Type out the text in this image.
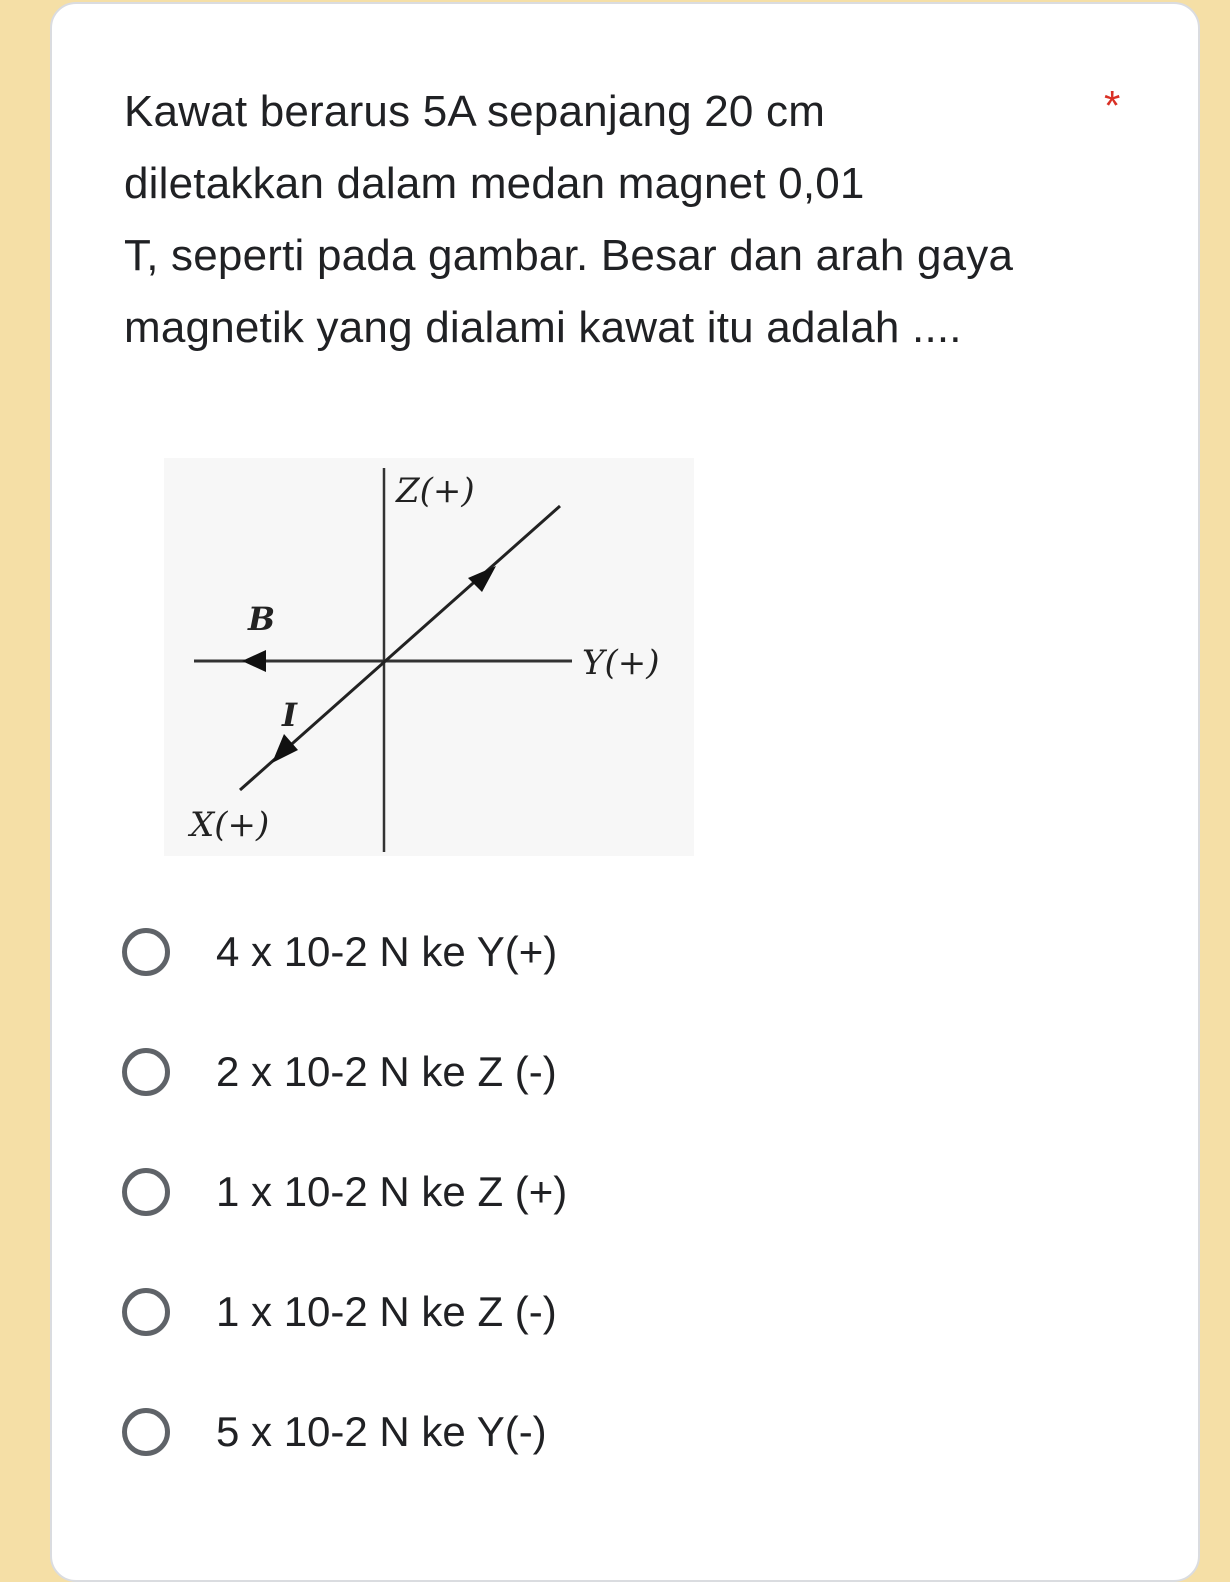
Kawat berarus 5A sepanjang 20 cm
diletakkan dalam medan magnet 0,01
T, seperti pada gambar. Besar dan arah gaya
magnetik yang dialami kawat itu adalah ....
*
Z(+)
Y(+)
X(+)
B
I
4 x 10-2 N ke Y(+)
2 x 10-2 N ke Z (-)
1 x 10-2 N ke Z (+)
1 x 10-2 N ke Z (-)
5 x 10-2 N ke Y(-)
